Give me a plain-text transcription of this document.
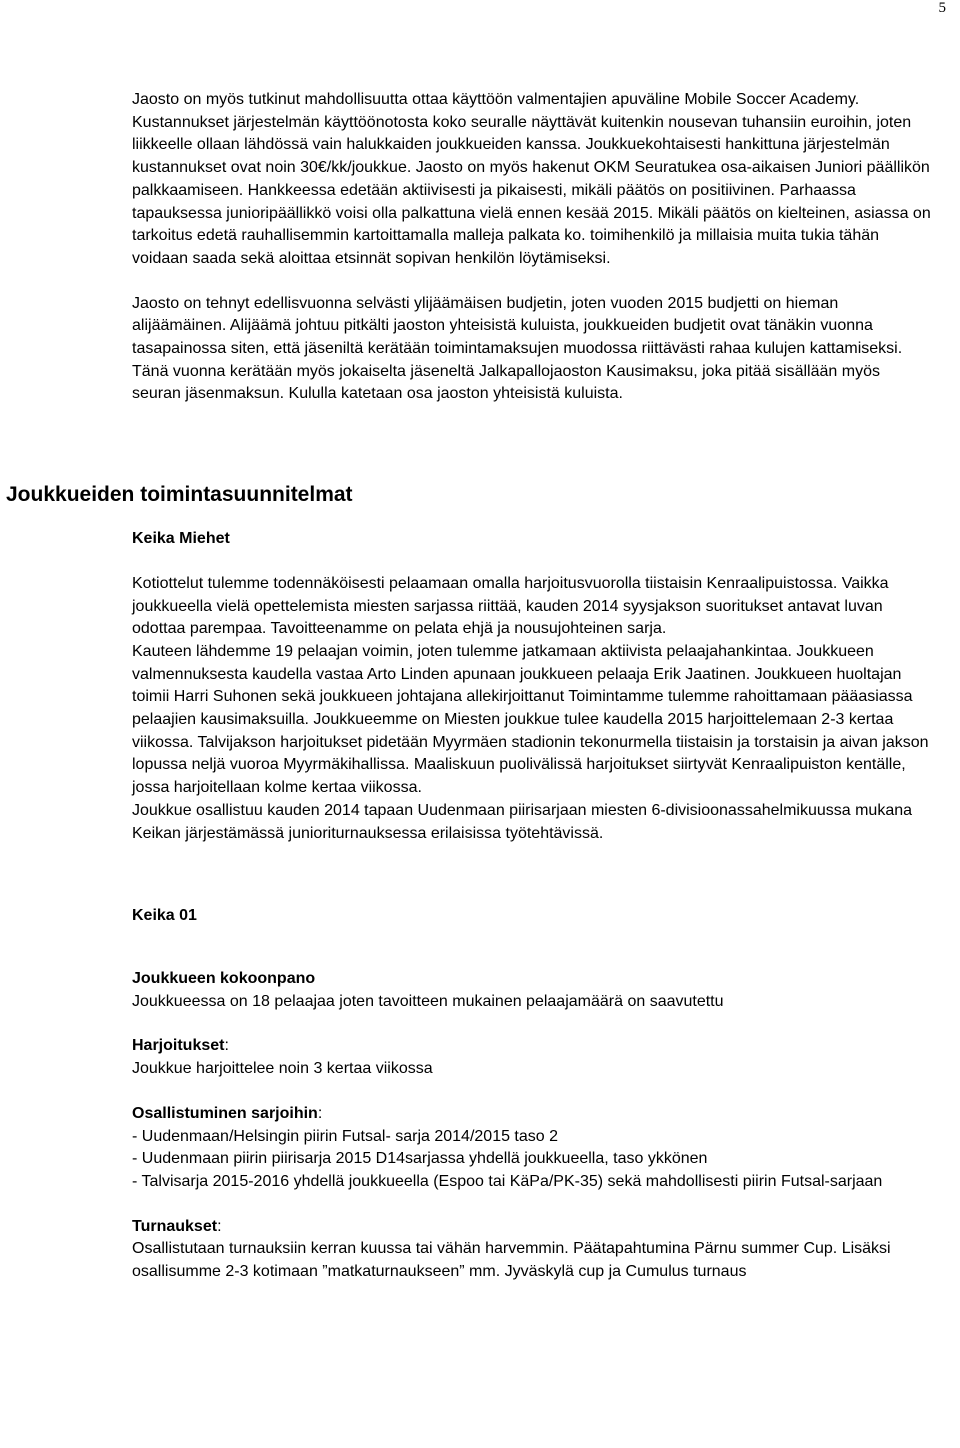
5

Jaosto on myös tutkinut mahdollisuutta ottaa käyttöön valmentajien apuväline Mobile Soccer Academy. Kustannukset järjestelmän käyttöönotosta koko seuralle näyttävät kuitenkin nousevan tuhansiin euroihin, joten liikkeelle ollaan lähdössä vain halukkaiden joukkueiden kanssa. Joukkuekohtaisesti hankittuna järjestelmän kustannukset ovat noin 30€/kk/joukkue. Jaosto on myös hakenut OKM Seuratukea osa-aikaisen Juniori päällikön palkkaamiseen. Hankkeessa edetään aktiivisesti ja pikaisesti, mikäli päätös on positiivinen. Parhaassa tapauksessa junioripäällikkö voisi olla palkattuna vielä ennen kesää 2015. Mikäli päätös on kielteinen, asiassa on tarkoitus edetä rauhallisemmin kartoittamalla malleja palkata ko. toimihenkilö ja millaisia muita tukia tähän voidaan saada sekä aloittaa etsinnät sopivan henkilön löytämiseksi.

Jaosto on tehnyt edellisvuonna selvästi ylijäämäisen budjetin, joten vuoden 2015 budjetti on hieman alijäämäinen. Alijäämä johtuu pitkälti jaoston yhteisistä kuluista, joukkueiden budjetit ovat tänäkin vuonna tasapainossa siten, että jäseniltä kerätään toimintamaksujen muodossa riittävästi rahaa kulujen kattamiseksi. Tänä vuonna kerätään myös jokaiselta jäseneltä Jalkapallojaoston Kausimaksu, joka pitää sisällään myös seuran jäsenmaksun. Kululla katetaan osa jaoston yhteisistä kuluista.

Joukkueiden toimintasuunnitelmat
Keika Miehet

Kotiottelut tulemme todennäköisesti pelaamaan omalla harjoitusvuorolla tiistaisin Kenraalipuistossa. Vaikka joukkueella vielä opettelemista miesten sarjassa riittää, kauden 2014 syysjakson suoritukset antavat luvan odottaa parempaa. Tavoitteenamme on pelata ehjä ja nousujohteinen sarja.

Kauteen lähdemme 19 pelaajan voimin, joten tulemme jatkamaan aktiivista pelaajahankintaa. Joukkueen valmennuksesta kaudella vastaa Arto Linden apunaan joukkueen pelaaja Erik Jaatinen. Joukkueen huoltajan toimii Harri Suhonen sekä joukkueen johtajana allekirjoittanut Toimintamme tulemme rahoittamaan pääasiassa pelaajien kausimaksuilla. Joukkueemme on Miesten joukkue tulee kaudella 2015 harjoittelemaan 2-3 kertaa viikossa. Talvijakson harjoitukset pidetään Myyrmäen stadionin tekonurmella tiistaisin ja torstaisin ja aivan jakson lopussa neljä vuoroa Myyrmäkihallissa. Maaliskuun puolivälissä harjoitukset siirtyvät Kenraalipuiston kentälle, jossa harjoitellaan kolme kertaa viikossa.

Joukkue osallistuu kauden 2014 tapaan Uudenmaan piirisarjaan miesten 6-divisioonassahelmikuussa mukana Keikan järjestämässä junioriturnauksessa erilaisissa työtehtävissä.

Keika 01

Joukkueen kokoonpano

Joukkueessa on 18 pelaajaa joten tavoitteen mukainen pelaajamäärä on saavutettu

Harjoitukset:

Joukkue harjoittelee noin 3 kertaa viikossa

Osallistuminen sarjoihin:

- Uudenmaan/Helsingin piirin Futsal- sarja 2014/2015 taso 2
- Uudenmaan piirin piirisarja 2015 D14sarjassa yhdellä joukkueella, taso ykkönen
- Talvisarja 2015-2016 yhdellä joukkueella (Espoo tai KäPa/PK-35) sekä mahdollisesti piirin Futsal-sarjaan

Turnaukset:

Osallistutaan turnauksiin kerran kuussa tai vähän harvemmin. Päätapahtumina Pärnu summer Cup. Lisäksi osallisumme 2-3 kotimaan ”matkaturnaukseen” mm. Jyväskylä cup ja Cumulus turnaus
